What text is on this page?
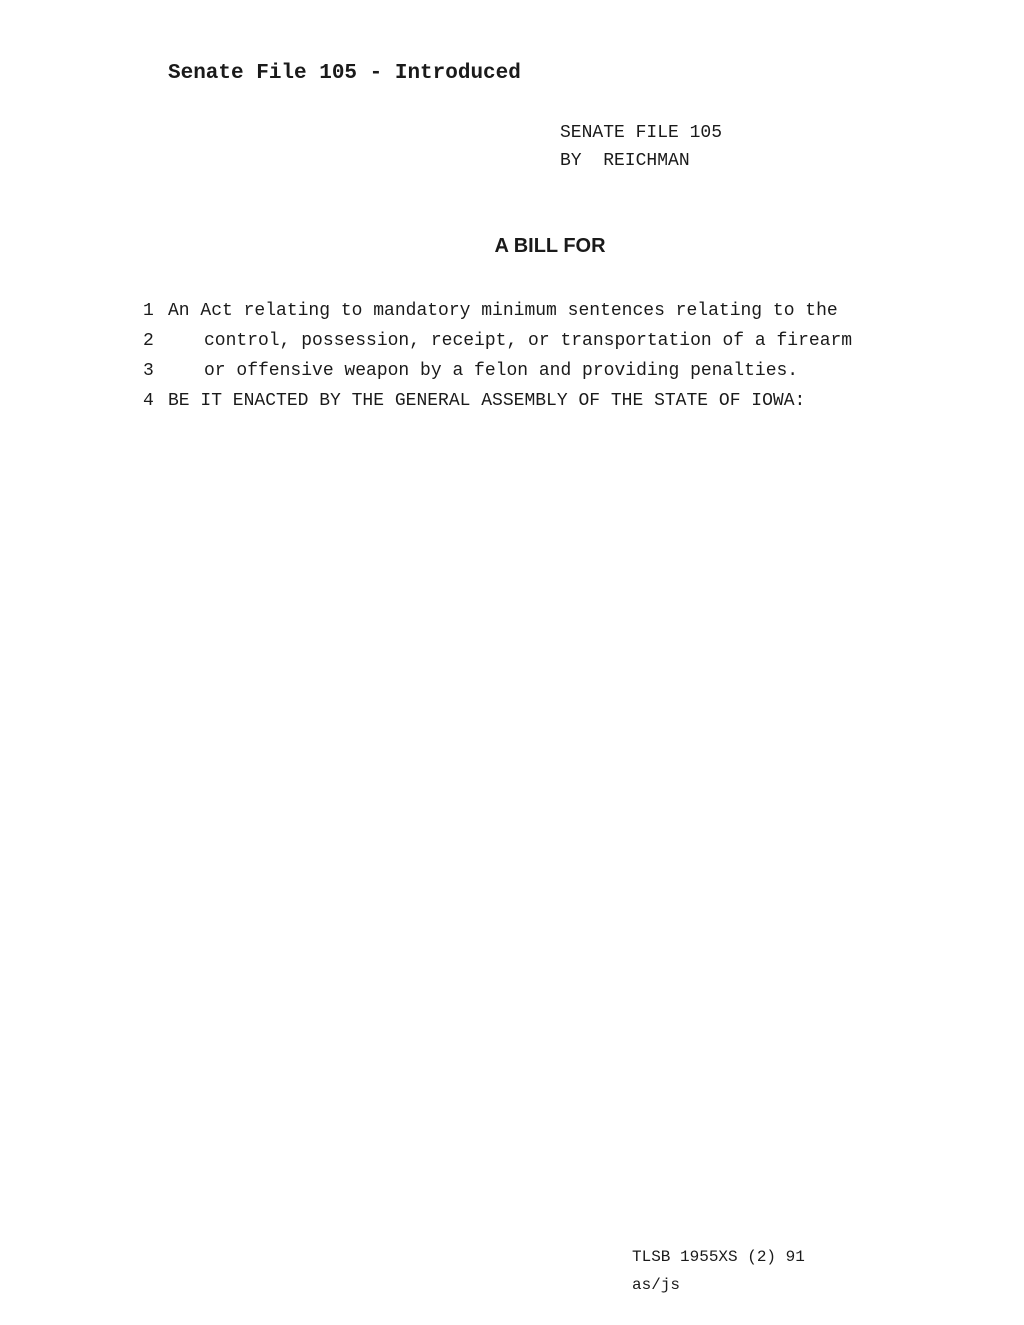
Senate File 105 - Introduced
SENATE FILE 105
BY  REICHMAN
A BILL FOR
1 An Act relating to mandatory minimum sentences relating to the
2	control, possession, receipt, or transportation of a firearm
3	or offensive weapon by a felon and providing penalties.
4 BE IT ENACTED BY THE GENERAL ASSEMBLY OF THE STATE OF IOWA:
TLSB 1955XS (2) 91
as/js
